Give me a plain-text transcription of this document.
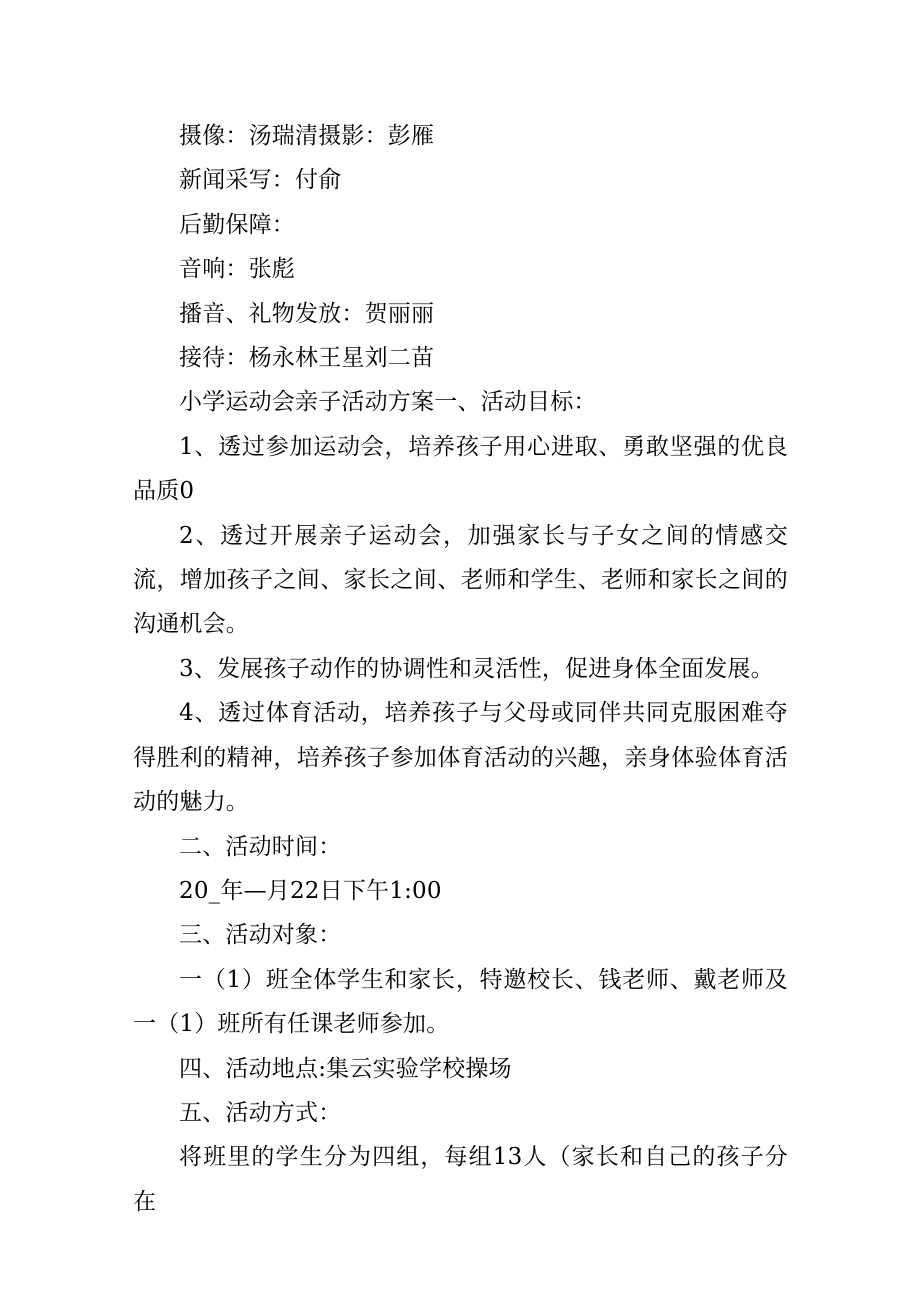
摄像：汤瑞清摄影：彭雁

新闻采写：付俞

后勤保障：

音响：张彪

播音、礼物发放：贺丽丽

接待：杨永林王星刘二苗

小学运动会亲子活动方案一、活动目标：

1、透过参加运动会，培养孩子用心进取、勇敢坚强的优良品质0

2、透过开展亲子运动会，加强家长与子女之间的情感交流，增加孩子之间、家长之间、老师和学生、老师和家长之间的沟通机会。

3、发展孩子动作的协调性和灵活性，促进身体全面发展。

4、透过体育活动，培养孩子与父母或同伴共同克服困难夺得胜利的精神，培养孩子参加体育活动的兴趣，亲身体验体育活动的魅力。

二、活动时间：

20_年—月22日下午1:00

三、活动对象：

一（1）班全体学生和家长，特邀校长、钱老师、戴老师及一（1）班所有任课老师参加。

四、活动地点:集云实验学校操场

五、活动方式：

将班里的学生分为四组，每组13人（家长和自己的孩子分在
